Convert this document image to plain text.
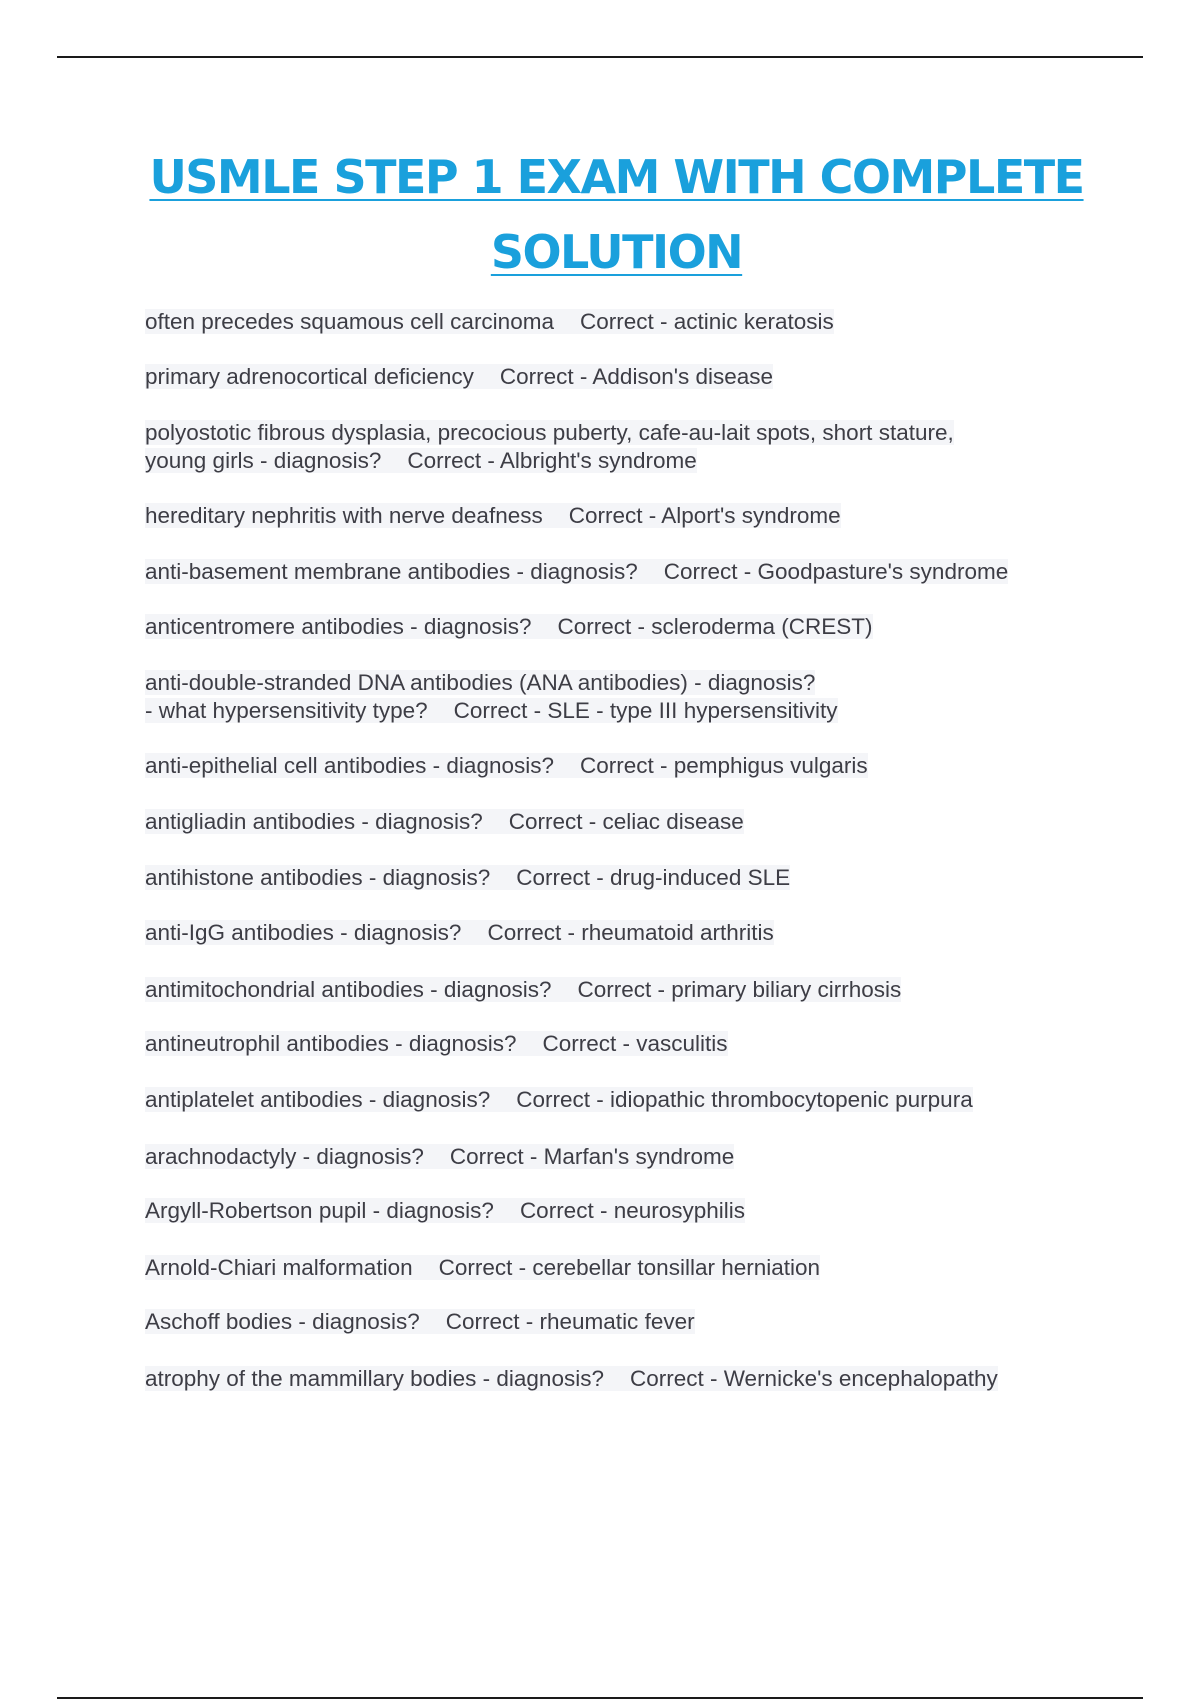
USMLE STEP 1 EXAM WITH COMPLETE
SOLUTION
often precedes squamous cell carcinoma Correct - actinic keratosis
primary adrenocortical deficiency Correct - Addison's disease
polyostotic fibrous dysplasia, precocious puberty, cafe-au-lait spots, short stature,
young girls - diagnosis? Correct - Albright's syndrome
hereditary nephritis with nerve deafness Correct - Alport's syndrome
anti-basement membrane antibodies - diagnosis? Correct - Goodpasture's syndrome
anticentromere antibodies - diagnosis? Correct - scleroderma (CREST)
anti-double-stranded DNA antibodies (ANA antibodies) - diagnosis?
- what hypersensitivity type? Correct - SLE - type III hypersensitivity
anti-epithelial cell antibodies - diagnosis? Correct - pemphigus vulgaris
antigliadin antibodies - diagnosis? Correct - celiac disease
antihistone antibodies - diagnosis? Correct - drug-induced SLE
anti-IgG antibodies - diagnosis? Correct - rheumatoid arthritis
antimitochondrial antibodies - diagnosis? Correct - primary biliary cirrhosis
antineutrophil antibodies - diagnosis? Correct - vasculitis
antiplatelet antibodies - diagnosis? Correct - idiopathic thrombocytopenic purpura
arachnodactyly - diagnosis? Correct - Marfan's syndrome
Argyll-Robertson pupil - diagnosis? Correct - neurosyphilis
Arnold-Chiari malformation Correct - cerebellar tonsillar herniation
Aschoff bodies - diagnosis? Correct - rheumatic fever
atrophy of the mammillary bodies - diagnosis? Correct - Wernicke's encephalopathy
